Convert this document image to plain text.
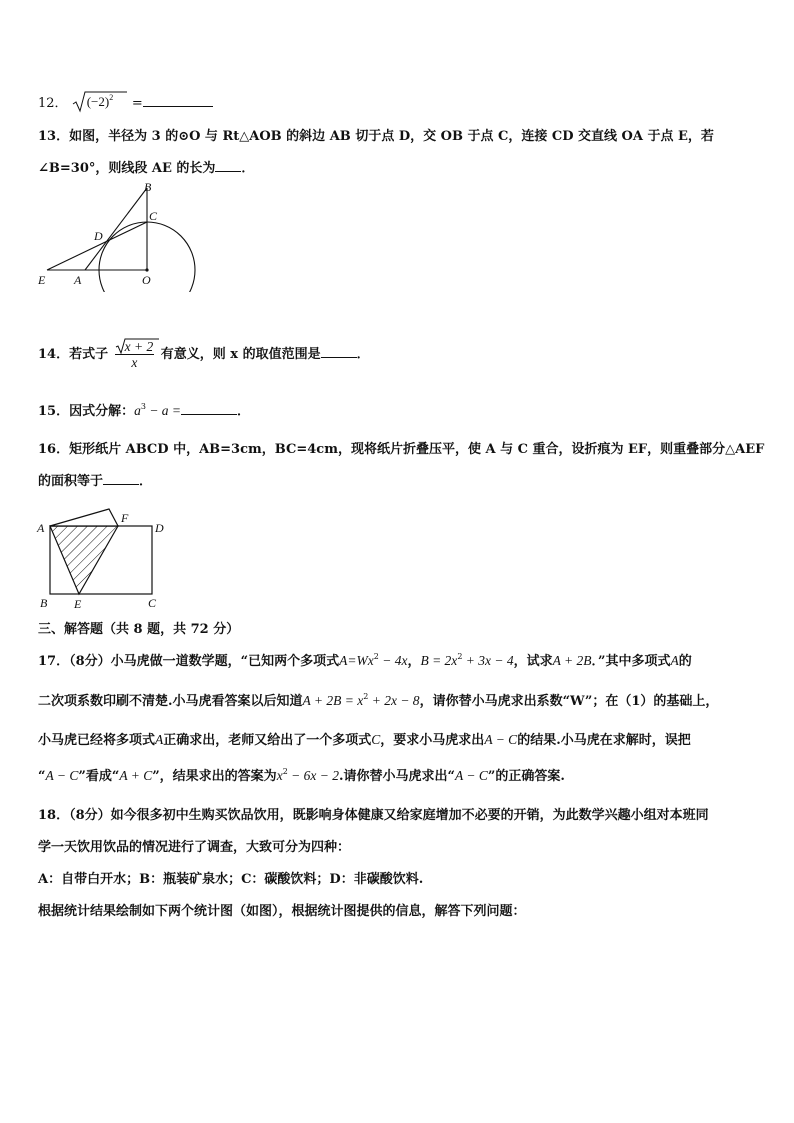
12． $(-2)^2$ =
13．如图，半径为 3 的⊙O 与 Rt△AOB 的斜边 AB 切于点 D，交 OB 于点 C，连接 CD 交直线 OA 于点 E，若
∠B=30°，则线段 AE 的长为 ．
B
C
D
E A	O
14．若式子 $\frac{x + 2}{x}$ 有意义，则 x 的取值范围是	．
15．因式分解：$a^3 - a$ =	．
16．矩形纸片 ABCD 中，AB=3cm，BC=4cm，现将纸片折叠压平，使 A 与 C 重合，设折痕为 EF，则重叠部分△AEF
的面积等于	．
A
F
D
B E	C
三、解答题（共 8 题，共 72 分）
17．（8分）小马虎做一道数学题，“已知两个多项式$A=Wx^2 - 4x$，$B = 2x^2 + 3x - 4$，试求A + 2B．”其中多项式A的
二次项系数印刷不清楚.小马虎看答案以后知道$A + 2B = x^2 + 2x - 8$，请你替小马虎求出系数“W”；在（1）的基础上，
小马虎已经将多项式A正确求出，老师又给出了一个多项式C，要求小马虎求出A − C的结果.小马虎在求解时，误把
“A − C”看成“A + C”，结果求出的答案为$x^2 - 6x - 2$.请你替小马虎求出“A − C”的正确答案.
18．（8分）如今很多初中生购买饮品饮用，既影响身体健康又给家庭增加不必要的开销，为此数学兴趣小组对本班同
学一天饮用饮品的情况进行了调查，大致可分为四种：
A：自带白开水；B：瓶装矿泉水；C：碳酸饮料；D：非碳酸饮料.
根据统计结果绘制如下两个统计图（如图），根据统计图提供的信息，解答下列问题：
